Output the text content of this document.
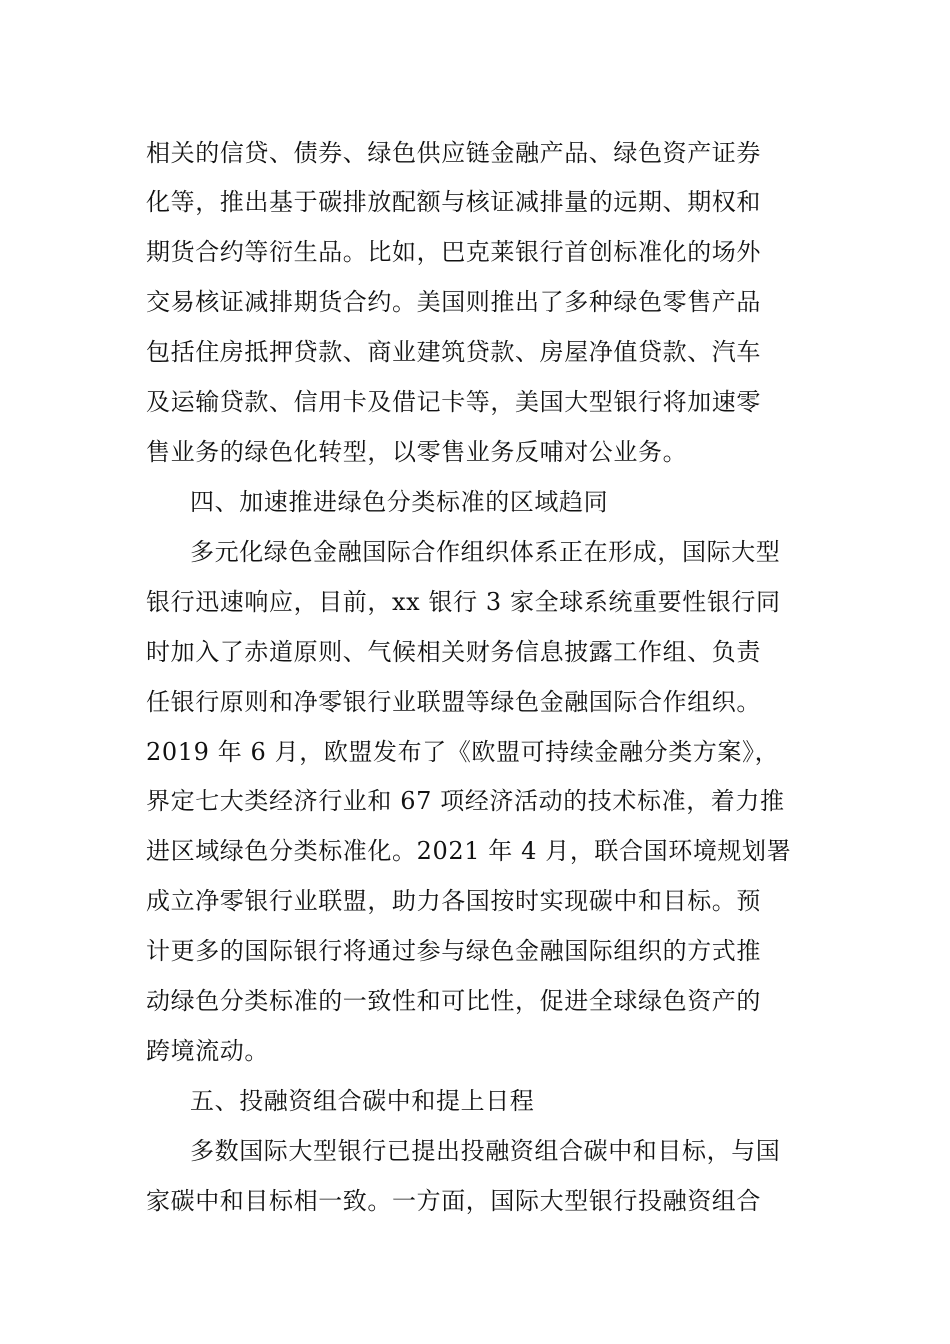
相关的信贷、债券、绿色供应链金融产品、绿色资产证券
化等，推出基于碳排放配额与核证减排量的远期、期权和
期货合约等衍生品。比如，巴克莱银行首创标准化的场外
交易核证减排期货合约。美国则推出了多种绿色零售产品
包括住房抵押贷款、商业建筑贷款、房屋净值贷款、汽车
及运输贷款、信用卡及借记卡等，美国大型银行将加速零
售业务的绿色化转型，以零售业务反哺对公业务。
四、加速推进绿色分类标准的区域趋同
多元化绿色金融国际合作组织体系正在形成，国际大型
银行迅速响应，目前，xx 银行 3 家全球系统重要性银行同
时加入了赤道原则、气候相关财务信息披露工作组、负责
任银行原则和净零银行业联盟等绿色金融国际合作组织。
2019 年 6 月，欧盟发布了《欧盟可持续金融分类方案》，
界定七大类经济行业和 67 项经济活动的技术标准，着力推
进区域绿色分类标准化。2021 年 4 月，联合国环境规划署
成立净零银行业联盟，助力各国按时实现碳中和目标。预
计更多的国际银行将通过参与绿色金融国际组织的方式推
动绿色分类标准的一致性和可比性，促进全球绿色资产的
跨境流动。
五、投融资组合碳中和提上日程
多数国际大型银行已提出投融资组合碳中和目标，与国
家碳中和目标相一致。一方面，国际大型银行投融资组合
